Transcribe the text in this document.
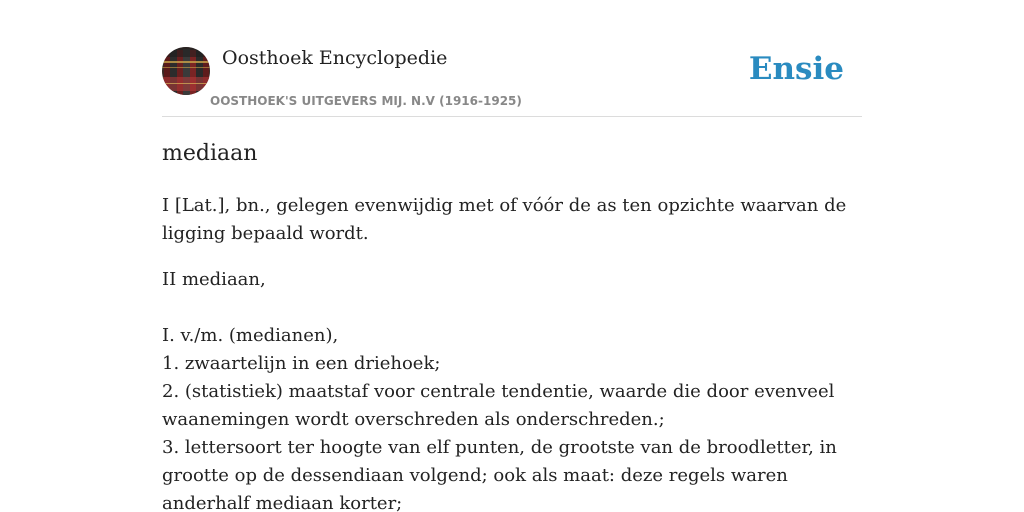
Oosthoek Encyclopedie
OOSTHOEK'S UITGEVERS MIJ. N.V (1916-1925)
Ensie
mediaan

I [Lat.], bn., gelegen evenwijdig met of vóór de as ten opzichte waarvan de ligging bepaald wordt.

II mediaan,

I. v./m. (medianen),
1. zwaartelijn in een driehoek;
2. (statistiek) maatstaf voor centrale tendentie, waarde die door evenveel waanemingen wordt overschreden als onderschreden.;
3. lettersoort ter hoogte van elf punten, de grootste van de broodletter, in grootte op de dessendiaan volgend; ook als maat: deze regels waren anderhalf mediaan korter;
